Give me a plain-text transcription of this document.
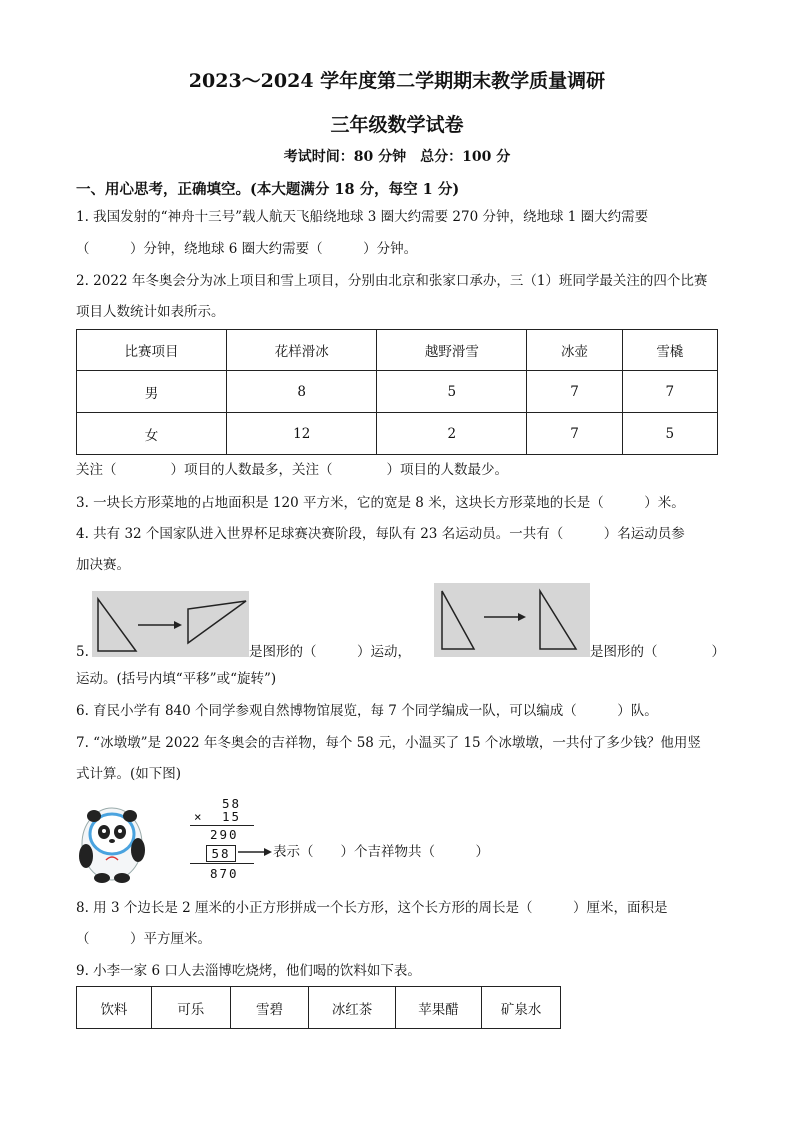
2023～2024 学年度第二学期期末教学质量调研
三年级数学试卷
考试时间：80 分钟　总分：100 分
一、用心思考，正确填空。(本大题满分 18 分，每空 1 分)
1. 我国发射的“神舟十三号”载人航天飞船绕地球 3 圈大约需要 270 分钟，绕地球 1 圈大约需要
（　　　）分钟，绕地球 6 圈大约需要（　　　）分钟。
2. 2022 年冬奥会分为冰上项目和雪上项目，分别由北京和张家口承办，三（1）班同学最关注的四个比赛
项目人数统计如表所示。
比赛项目	花样滑冰	越野滑雪	冰壶	雪橇
男	8	5	7	7
女	12	2	7	5
关注（　　　　）项目的人数最多，关注（　　　　）项目的人数最少。
3. 一块长方形菜地的占地面积是 120 平方米，它的宽是 8 米，这块长方形菜地的长是（　　　）米。
4. 共有 32 个国家队进入世界杯足球赛决赛阶段，每队有 23 名运动员。一共有（　　　）名运动员参
加决赛。
5.	是图形的（　　　）运动，	是图形的（　　　　）
运动。(括号内填“平移”或“旋转”)
6. 育民小学有 840 个同学参观自然博物馆展览，每 7 个同学编成一队，可以编成（　　　）队。
7. “冰墩墩”是 2022 年冬奥会的吉祥物，每个 58 元，小温买了 15 个冰墩墩，一共付了多少钱？他用竖
式计算。(如下图)
58
× 15
290
58
870
表示（　　）个吉祥物共（　　　）
8. 用 3 个边长是 2 厘米的小正方形拼成一个长方形，这个长方形的周长是（　　　）厘米，面积是
（　　　）平方厘米。
9. 小李一家 6 口人去淄博吃烧烤，他们喝的饮料如下表。
饮料	可乐	雪碧	冰红茶	苹果醋	矿泉水
